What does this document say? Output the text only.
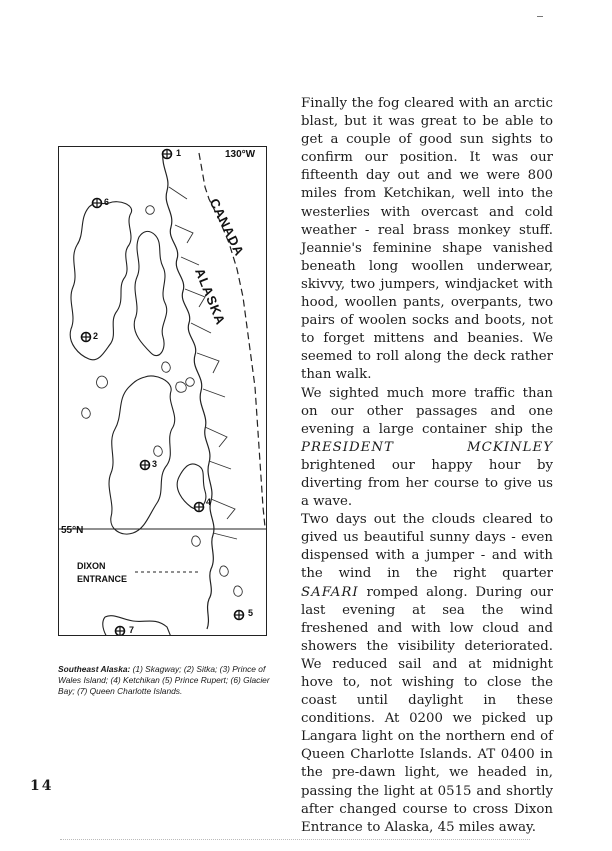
130°W
CANADA
ALASKA
55°N
DIXON
ENTRANCE
1
2
3
4
5
6
7

Southeast Alaska: (1) Skagway; (2) Sitka; (3) Prince of Wales Island; (4) Ketchikan (5) Prince Rupert; (6) Glacier Bay; (7) Queen Charlotte Islands.

Finally the fog cleared with an arctic blast, but it was great to be able to get a couple of good sun sights to confirm our position. It was our fifteenth day out and we were 800 miles from Ketchikan, well into the westerlies with overcast and cold weather - real brass monkey stuff. Jeannie's feminine shape vanished beneath long woollen underwear, skivvy, two jumpers, windjacket with hood, woollen pants, overpants, two pairs of woolen socks and boots, not to forget mittens and beanies. We seemed to roll along the deck rather than walk.

We sighted much more traffic than on our other passages and one evening a large container ship the PRESIDENT MCKINLEY brightened our happy hour by diverting from her course to give us a wave.

Two days out the clouds cleared to gived us beautiful sunny days - even dispensed with a jumper - and with the wind in the right quarter SAFARI romped along. During our last evening at sea the wind freshened and with low cloud and showers the visibility deteriorated. We reduced sail and at midnight hove to, not wishing to close the coast until daylight in these conditions. At 0200 we picked up Langara light on the northern end of Queen Charlotte Islands. AT 0400 in the pre-dawn light, we headed in, passing the light at 0515 and shortly after changed course to cross Dixon Entrance to Alaska, 45 miles away.

14
